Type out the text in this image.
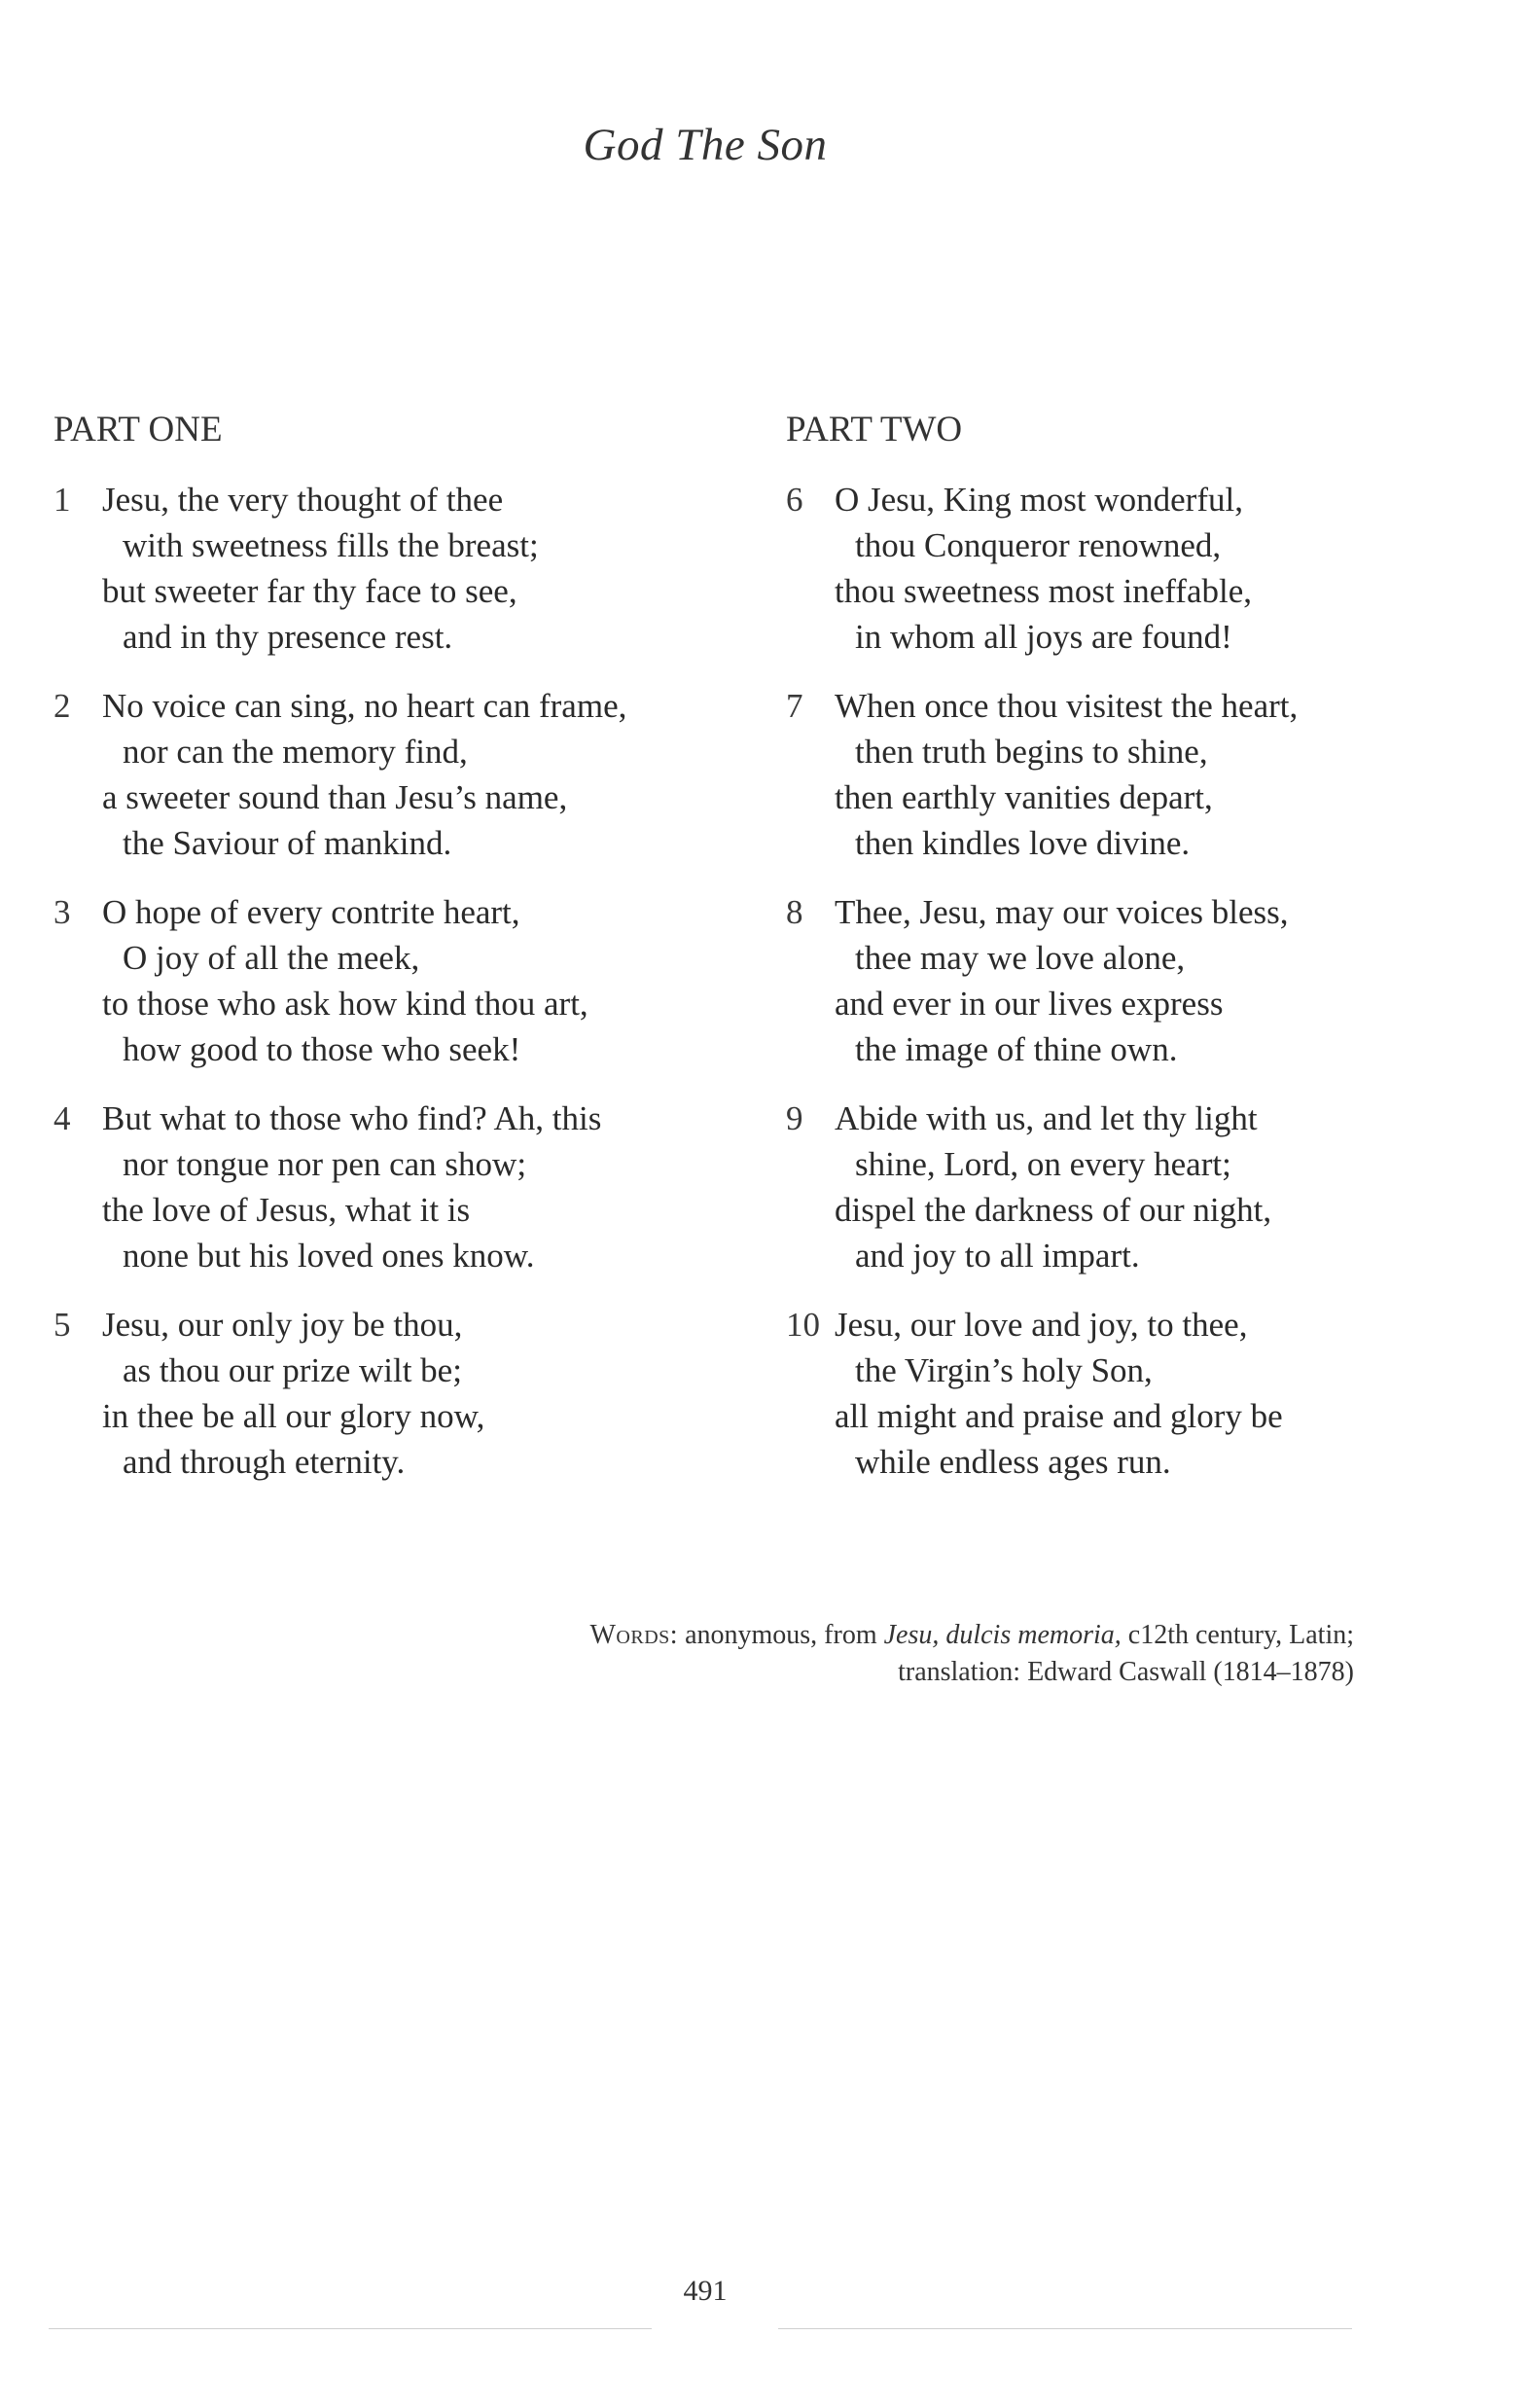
God The Son
PART ONE
1 Jesu, the very thought of thee
with sweetness fills the breast;
but sweeter far thy face to see,
and in thy presence rest.
2 No voice can sing, no heart can frame,
nor can the memory find,
a sweeter sound than Jesu’s name,
the Saviour of mankind.
3 O hope of every contrite heart,
O joy of all the meek,
to those who ask how kind thou art,
how good to those who seek!
4 But what to those who find? Ah, this
nor tongue nor pen can show;
the love of Jesus, what it is
none but his loved ones know.
5 Jesu, our only joy be thou,
as thou our prize wilt be;
in thee be all our glory now,
and through eternity.
PART TWO
6 O Jesu, King most wonderful,
thou Conqueror renowned,
thou sweetness most ineffable,
in whom all joys are found!
7 When once thou visitest the heart,
then truth begins to shine,
then earthly vanities depart,
then kindles love divine.
8 Thee, Jesu, may our voices bless,
thee may we love alone,
and ever in our lives express
the image of thine own.
9 Abide with us, and let thy light
shine, Lord, on every heart;
dispel the darkness of our night,
and joy to all impart.
10 Jesu, our love and joy, to thee,
the Virgin’s holy Son,
all might and praise and glory be
while endless ages run.
Words: anonymous, from Jesu, dulcis memoria, c12th century, Latin;
translation: Edward Caswall (1814–1878)
491
